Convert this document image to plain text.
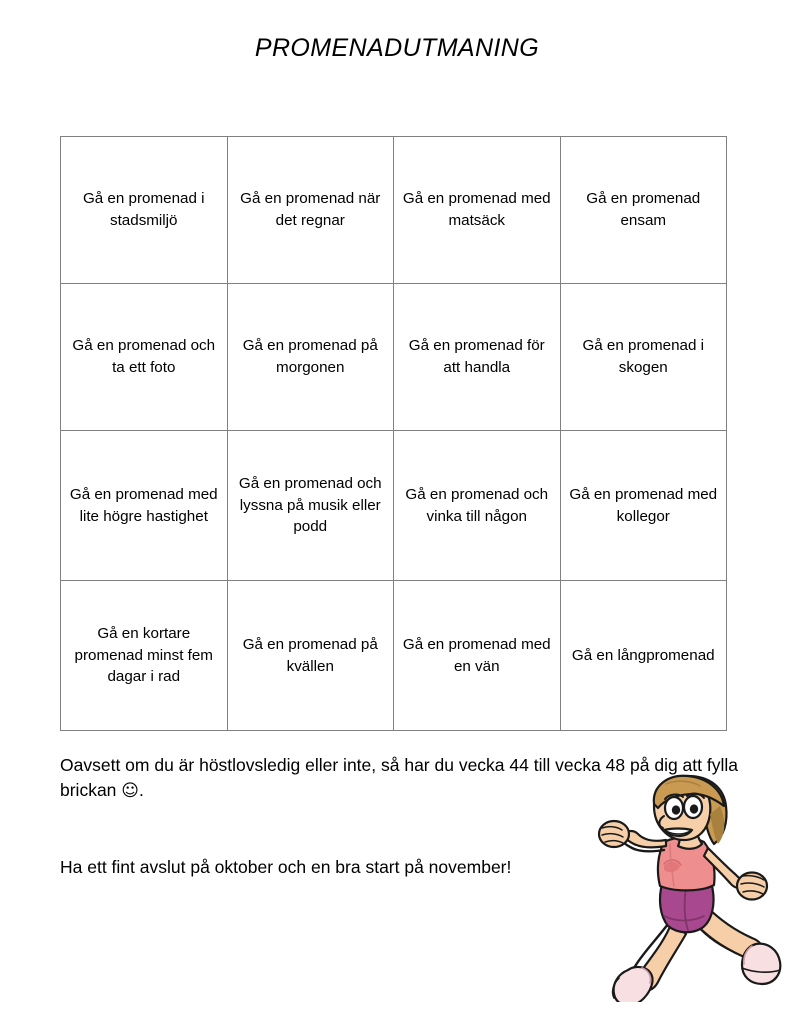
PROMENADUTMANING
Gå en promenad i stadsmiljö	Gå en promenad när det regnar	Gå en promenad med matsäck	Gå en promenad ensam

Gå en promenad och ta ett foto	Gå en promenad på morgonen	Gå en promenad för att handla	Gå en promenad i skogen

Gå en promenad med lite högre hastighet	Gå en promenad och lyssna på musik eller podd	Gå en promenad och vinka till någon	Gå en promenad med kollegor

Gå en kortare promenad minst fem dagar i rad	Gå en promenad på kvällen	Gå en promenad med en vän	Gå en långpromenad

Oavsett om du är höstlovsledig eller inte, så har du vecka 44 till vecka 48 på dig att fylla brickan ☺.

Ha ett fint avslut på oktober och en bra start på november!
